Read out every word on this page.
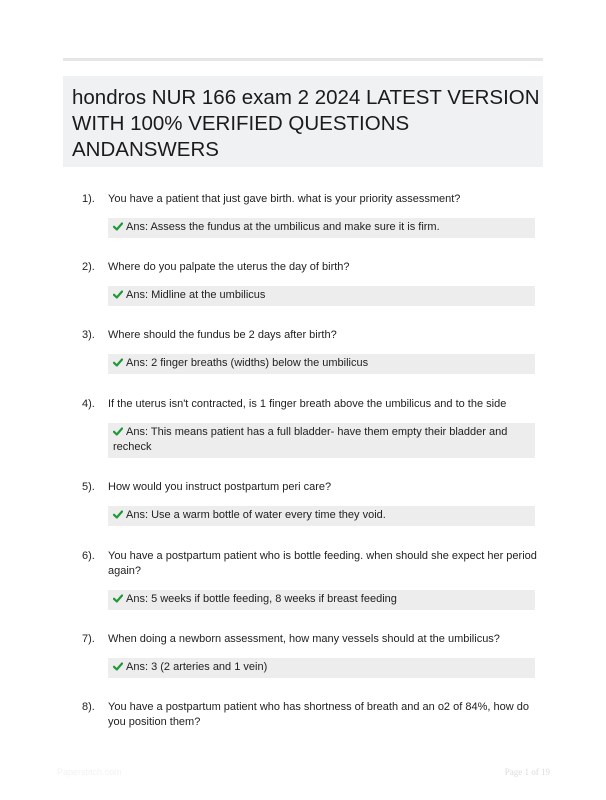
hondros NUR 166 exam 2 2024 LATEST VERSION WITH 100% VERIFIED QUESTIONS ANDANSWERS
1). You have a patient that just gave birth. what is your priority assessment?
Ans: Assess the fundus at the umbilicus and make sure it is firm.
2). Where do you palpate the uterus the day of birth?
Ans: Midline at the umbilicus
3). Where should the fundus be 2 days after birth?
Ans: 2 finger breaths (widths) below the umbilicus
4). If the uterus isn't contracted, is 1 finger breath above the umbilicus and to the side
Ans: This means patient has a full bladder- have them empty their bladder and recheck
5). How would you instruct postpartum peri care?
Ans: Use a warm bottle of water every time they void.
6). You have a postpartum patient who is bottle feeding. when should she expect her period again?
Ans: 5 weeks if bottle feeding, 8 weeks if breast feeding
7). When doing a newborn assessment, how many vessels should at the umbilicus?
Ans: 3 (2 arteries and 1 vein)
8). You have a postpartum patient who has shortness of breath and an o2 of 84%, how do you position them?
Paperstitch.com	Page 1 of 19
